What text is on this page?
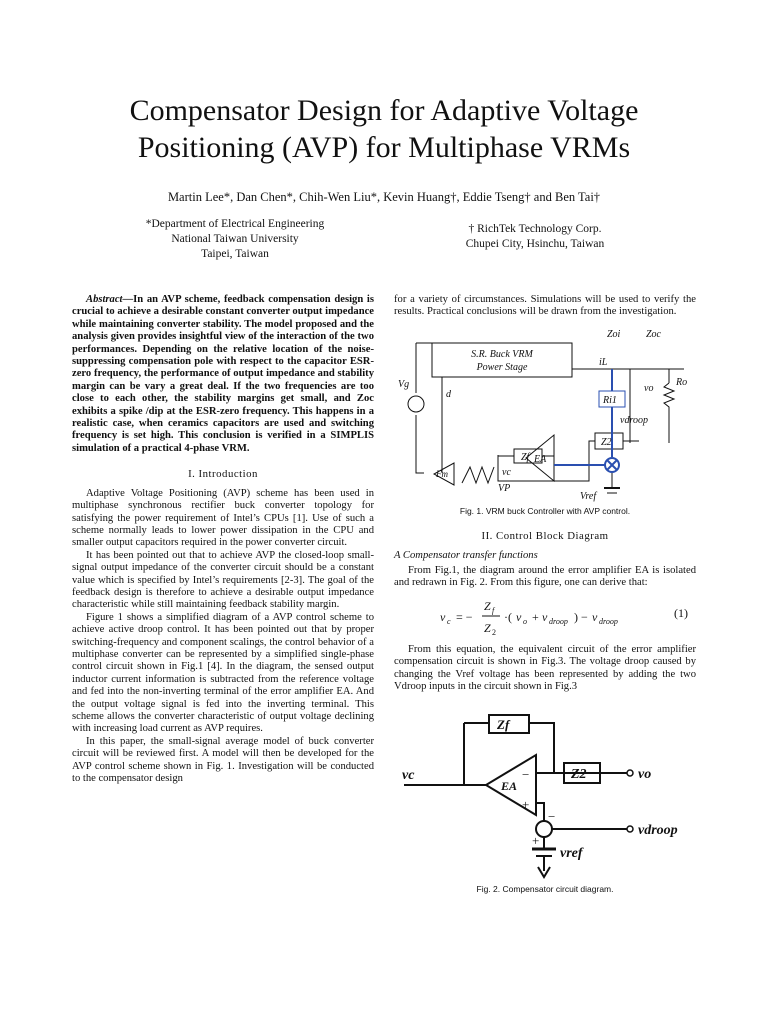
Compensator Design for Adaptive Voltage
Positioning (AVP) for Multiphase VRMs
Martin Lee*, Dan Chen*, Chih-Wen Liu*, Kevin Huang†, Eddie Tseng† and Ben Tai†
*Department of Electrical Engineering
National Taiwan University
Taipei, Taiwan
† RichTek Technology Corp.
Chupei City, Hsinchu, Taiwan

Abstract—In an AVP scheme, feedback compensation design is crucial to achieve a desirable constant converter output impedance while maintaining converter stability. The model proposed and the analysis given provides insightful view of the interaction of the two performances. Depending on the relative location of the noise-suppressing compensation pole with respect to the capacitor ESR-zero frequency, the performance of output impedance and stability margin can be vary a great deal. If the two frequencies are too close to each other, the stability margins get small, and Zoc exhibits a spike /dip at the ESR-zero frequency. This happens in a realistic case, when ceramics capacitors are used and switching frequency is set high. This conclusion is verified in a SIMPLIS simulation of a practical 4-phase VRM.

I. Introduction

Adaptive Voltage Positioning (AVP) scheme has been used in multiphase synchronous rectifier buck converter topology for satisfying the power requirement of Intel’s CPUs [1]. Use of such a scheme normally leads to lower power dissipation in the CPU and smaller output capacitors required in the power converter circuit.

It has been pointed out that to achieve AVP the closed-loop small-signal output impedance of the converter circuit should be a constant value which is specified by Intel’s requirements [2-3]. The goal of the feedback design is therefore to achieve a desirable output impedance characteristic while still maintaining feedback stability margin.

Figure 1 shows a simplified diagram of a AVP control scheme to achieve active droop control. It has been pointed out that by proper switching-frequency and component scalings, the control behavior of a multiphase converter can be represented by a simplified single-phase control circuit shown in Fig.1 [4]. In the diagram, the sensed output inductor current information is subtracted from the reference voltage and fed into the non-inverting terminal of the error amplifier EA. And the output voltage signal is fed into the inverting terminal. This scheme allows the converter characteristic of output voltage declining with increasing load current as AVP requires.

In this paper, the small-signal average model of buck converter circuit will be reviewed first. A model will then be developed for the AVP control scheme shown in Fig. 1. Investigation will be conducted to the compensator design

for a variety of circumstances. Simulations will be used to verify the results. Practical conclusions will be drawn from the investigation.

S.R. Buck VRM
Power Stage
Zoi	Zoc
iL
vo
Ro
Vg
d
Ri1
vdroop
Zf
Z2
EA
vc
Fm
VP
Vref

Fig. 1. VRM buck Controller with AVP control.

II. Control Block Diagram

A Compensator transfer functions

From Fig.1, the diagram around the error amplifier EA is isolated and redrawn in Fig. 2. From this figure, one can derive that:

v c = −
Z f
Z 2
·( v o + v droop ) − v droop
(1)

From this equation, the equivalent circuit of the error amplifier compensation circuit is shown in Fig.3. The voltage droop caused by changing the Vref voltage has been represented by adding the two Vdroop inputs in the circuit shown in Fig.3

Zf
Z2
EA
vc	vo
vdroop
vref
−
+
−
+

Fig. 2. Compensator circuit diagram.
